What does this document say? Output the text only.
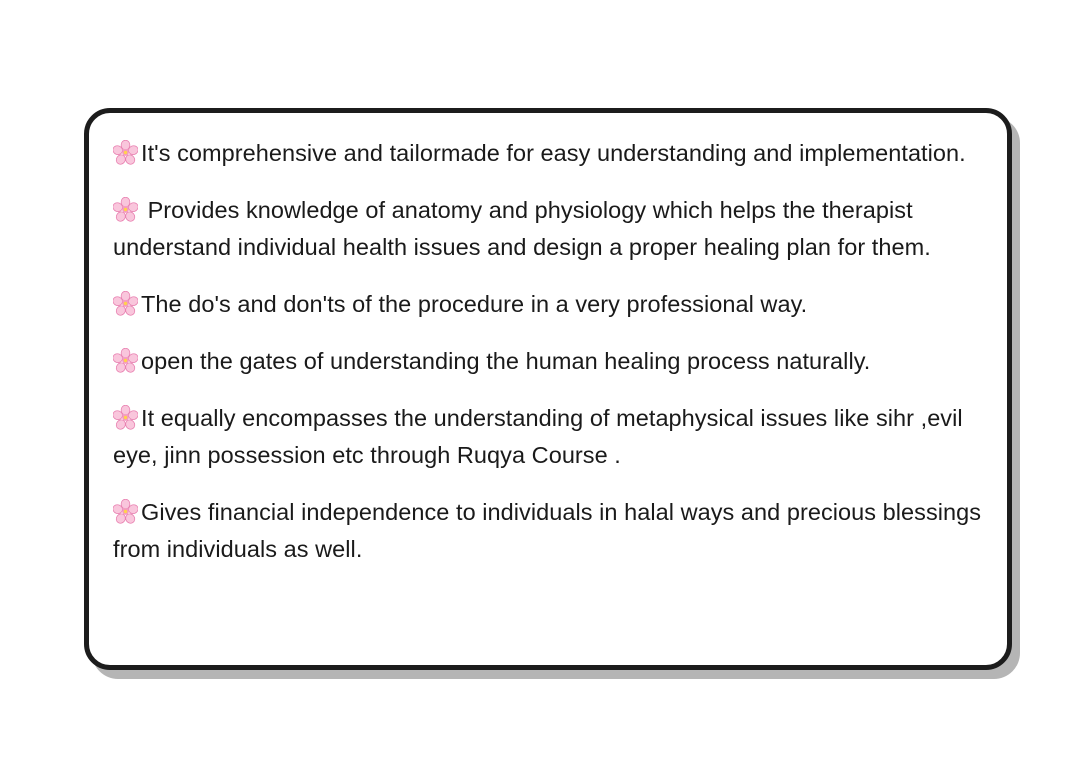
It's comprehensive and tailormade for easy understanding and implementation.

Provides knowledge of anatomy and physiology which helps the therapist understand individual health issues and design a proper healing plan for them.

The do's and don'ts of the procedure in a very professional way.

open the gates of understanding the human healing process naturally.

It equally encompasses the understanding of metaphysical issues like sihr ,evil eye, jinn possession etc through Ruqya Course .

Gives financial independence to individuals in halal ways and precious blessings from individuals as well.
